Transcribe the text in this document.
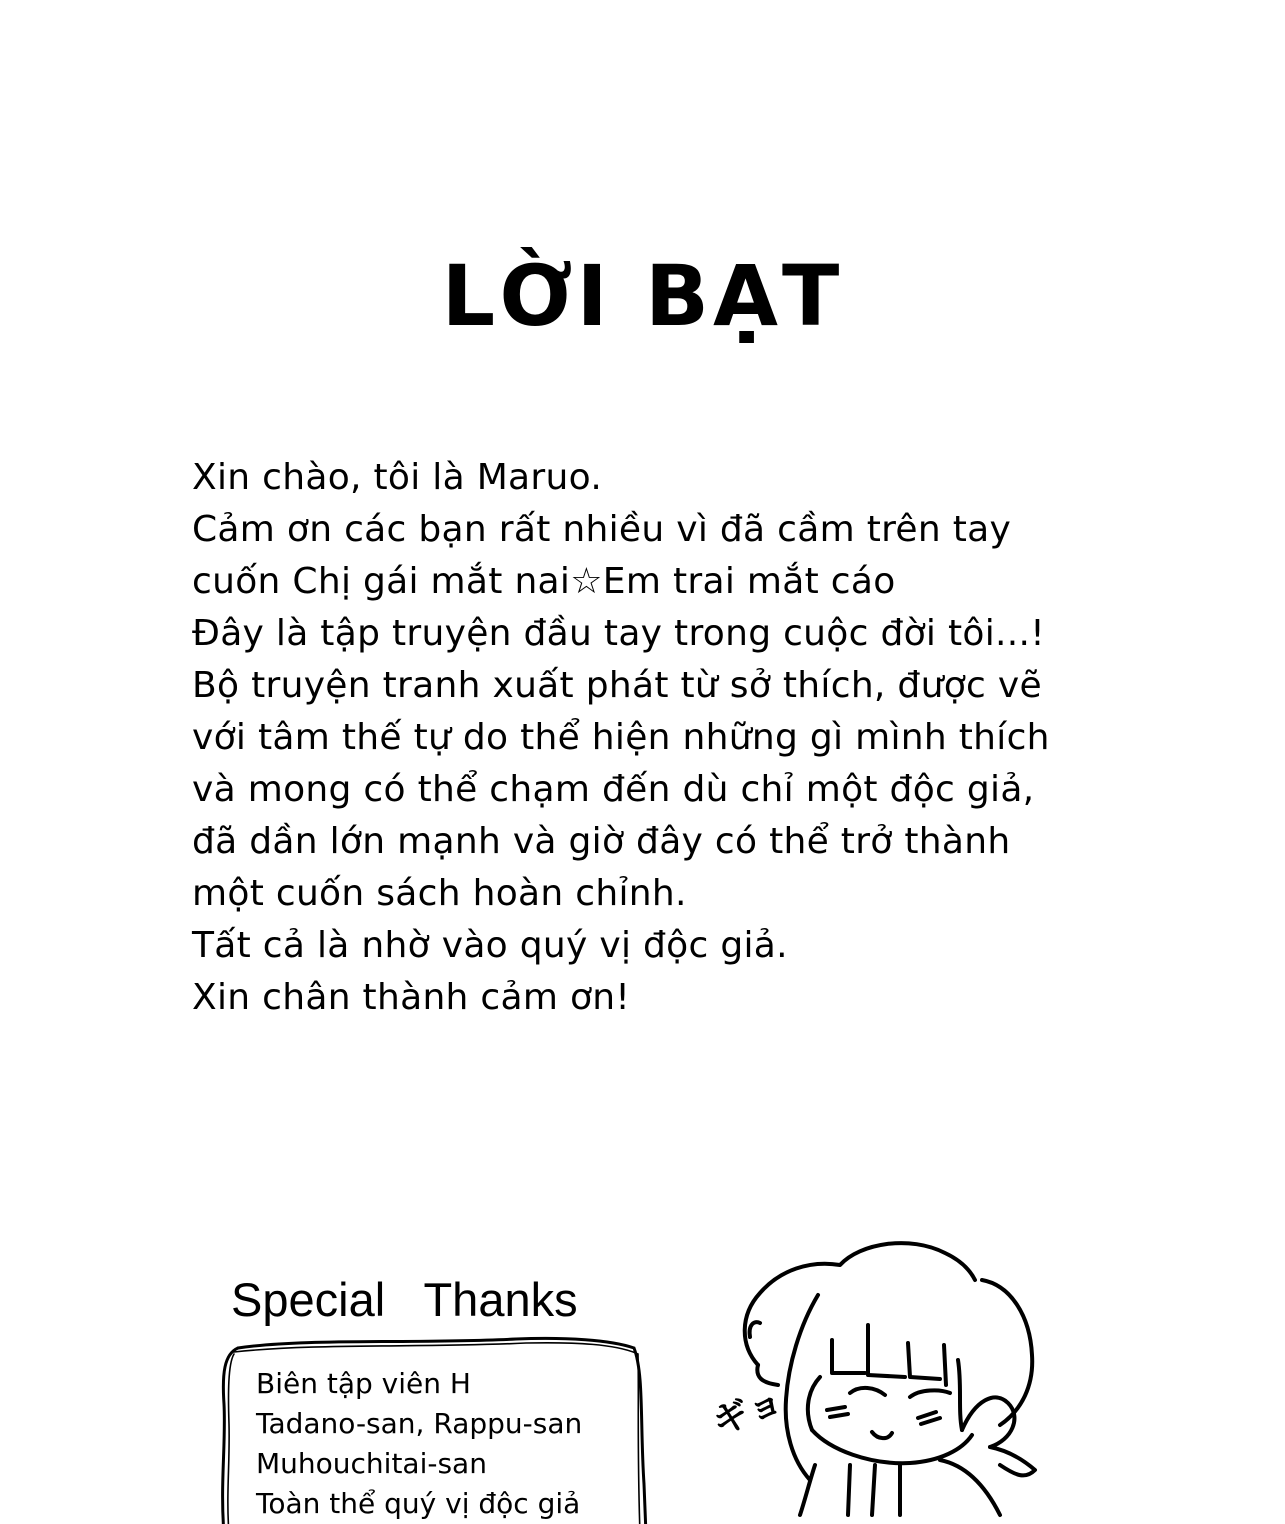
LỜI BẠT
Xin chào, tôi là Maruo.
Cảm ơn các bạn rất nhiều vì đã cầm trên tay
cuốn Chị gái mắt nai☆Em trai mắt cáo
Đây là tập truyện đầu tay trong cuộc đời tôi...!
Bộ truyện tranh xuất phát từ sở thích, được vẽ
với tâm thế tự do thể hiện những gì mình thích
và mong có thể chạm đến dù chỉ một độc giả,
đã dần lớn mạnh và giờ đây có thể trở thành
một cuốn sách hoàn chỉnh.
Tất cả là nhờ vào quý vị độc giả.
Xin chân thành cảm ơn!
Special   Thanks
Biên tập viên H
Tadano-san, Rappu-san
Muhouchitai-san
Toàn thể quý vị độc giả
ギョ
